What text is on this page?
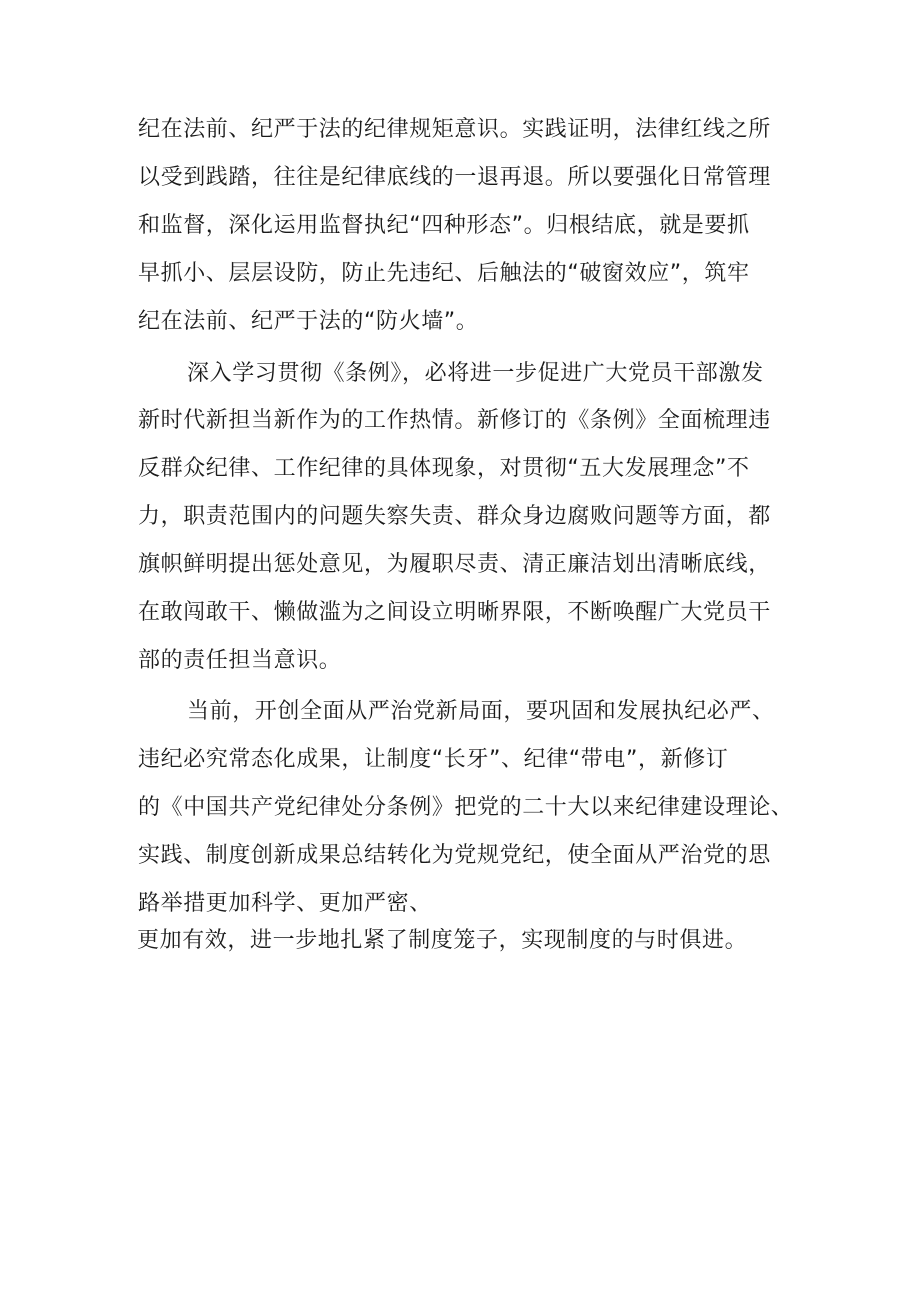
纪在法前、纪严于法的纪律规矩意识。实践证明，法律红线之所
以受到践踏，往往是纪律底线的一退再退。所以要强化日常管理
和监督，深化运用监督执纪“四种形态”。归根结底，就是要抓
早抓小、层层设防，防止先违纪、后触法的“破窗效应”，筑牢
纪在法前、纪严于法的“防火墙”。
深入学习贯彻《条例》，必将进一步促进广大党员干部激发
新时代新担当新作为的工作热情。新修订的《条例》全面梳理违
反群众纪律、工作纪律的具体现象，对贯彻“五大发展理念”不
力，职责范围内的问题失察失责、群众身边腐败问题等方面，都
旗帜鲜明提出惩处意见，为履职尽责、清正廉洁划出清晰底线，
在敢闯敢干、懒做滥为之间设立明晰界限，不断唤醒广大党员干
部的责任担当意识。
当前，开创全面从严治党新局面，要巩固和发展执纪必严、
违纪必究常态化成果，让制度“长牙”、纪律“带电”，新修订
的《中国共产党纪律处分条例》把党的二十大以来纪律建设理论、
实践、制度创新成果总结转化为党规党纪，使全面从严治党的思
路举措更加科学、更加严密、
更加有效，进一步地扎紧了制度笼子，实现制度的与时俱进。
